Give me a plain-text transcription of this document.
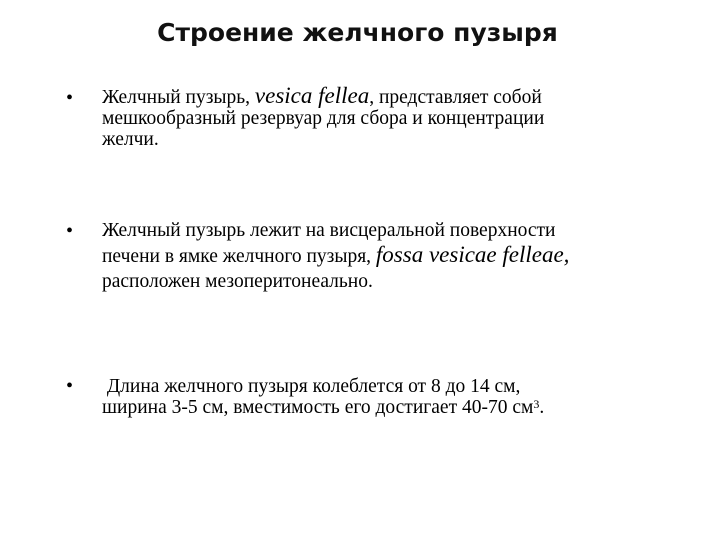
Строение желчного пузыря
• Желчный пузырь, vesica fellea, представляет собой
мешкообразный резервуар для сбора и концентрации
желчи.
• Желчный пузырь лежит на висцеральной поверхности
печени в ямке желчного пузыря, fossa vesicae felleae,
расположен мезоперитонеально.
• Длина желчного пузыря колеблется от 8 до 14 см,
ширина 3-5 см, вместимость его достигает 40-70 $см^3$.
